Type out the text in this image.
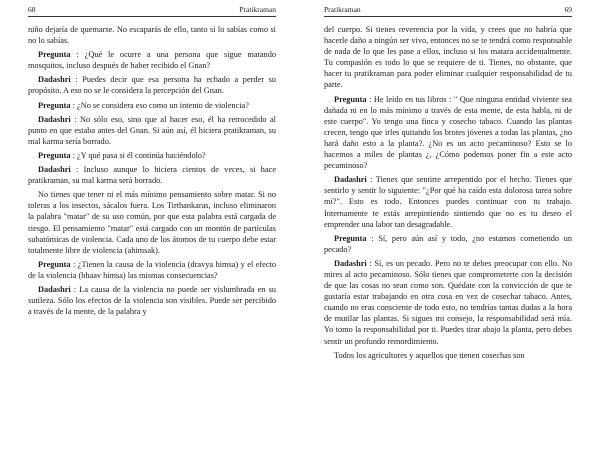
68	Pratikraman

niño dejaría de quemarse. No escaparás de ello, tanto si lo sabías como si no lo sabías.

Pregunta : ¿Qué le ocurre a una persona que sigue matando mosquitos, incluso después de haber recibido el Gnan?

Dadashri : Puedes decir que esa persona ha echado a perder su propósito. A eso no se le considera la percepción del Gnan.

Pregunta : ¿No se considera eso como un intento de violencia?

Dadashri : No sólo eso, sino que al hacer eso, él ha retrocedido al punto en que estaba antes del Gnan. Si aún así, él hiciera pratikraman, su mal karma sería borrado.

Pregunta : ¿Y qué pasa si él continúa haciéndolo?

Dadashri : Incluso aunque lo hiciera cientos de veces, si hace pratikraman, su mal karma será borrado.

No tienes que tener ni el más mínimo pensamiento sobre matar. Si no toleras a los insectos, sácalos fuera. Los Tirthankaras, incluso eliminaron la palabra "matar" de su uso común, por que esta palabra está cargada de riesgo. El pensamiento "matar" está cargado con un montón de partículas subatómicas de violencia. Cada uno de los átomos de tu cuerpo debe estar totalmente libre de violencia (ahimsak).

Pregunta : ¿Tienen la causa de la violencia (dravya himsa) y el efecto de la violencia (bhaav himsa) las mismas consecuencias?

Dadashri : La causa de la violencia no puede ser vislumbrada en su sutileza. Sólo los efectos de la violencia son visibles. Puede ser percibido a través de la mente, de la palabra y

Pratikraman	69

del cuerpo. Si tienes reverencia por la vida, y crees que no habría que hacerle daño a ningún ser vivo, entonces no se te tendrá como responsable de nada de lo que les pase a ellos, incluso si los matara accidentalmente. Tu compasión es todo lo que se requiere de ti. Tienes, no obstante, que hacer tu pratikraman para poder eliminar cualquier responsabilidad de tu parte.

Pregunta : He leído en tus libros : " Que ninguna entidad viviente sea dañada ni en lo más mínimo a través de esta mente, de esta habla, ni de este cuerpo". Yo tengo una finca y cosecho tabaco. Cuando las plantas crecen, tengo que irles quitando los brotes jóvenes a todas las plantas, ¿no hará daño esto a la planta?. ¿No es un acto pecaminoso? Esto se lo hacemos a miles de plantas ¿, ¿Cómo podemos poner fin a este acto pecaminoso?

Dadashri : Tienes que sentirte arrepentido por el hecho. Tienes que sentirlo y sentir lo siguiente: "¿Por qué ha caído esta dolorosa tarea sobre mí?". Esto es todo. Entonces puedes continuar con tu trabajo. Internamente te estás arrepintiendo sintiendo que no es tu deseo el emprender una labor tan desagradable.

Pregunta : Sí, pero aún así y todo, ¿no estamos cometiendo un pecado?

Dadashri : Sí, es un pecado. Pero no te debes preocupar con ello. No mires al acto pecaminoso. Sólo tienes que comprometerte con la decisión de que las cosas no sean como son. Quédate con la convicción de que te gustaría estar trabajando en otra cosa en vez de cosechar tabaco. Antes, cuando no eras consciente de todo esto, no tendrías tantas dudas a la hora de mutilar las plantas. Si sigues mi consejo, la responsabilidad será mía. Yo tomo la responsabilidad por ti. Puedes tirar abajo la planta, pero debes sentir un profundo remordimiento.

Todos los agricultores y aquellos que tienen cosechas son
